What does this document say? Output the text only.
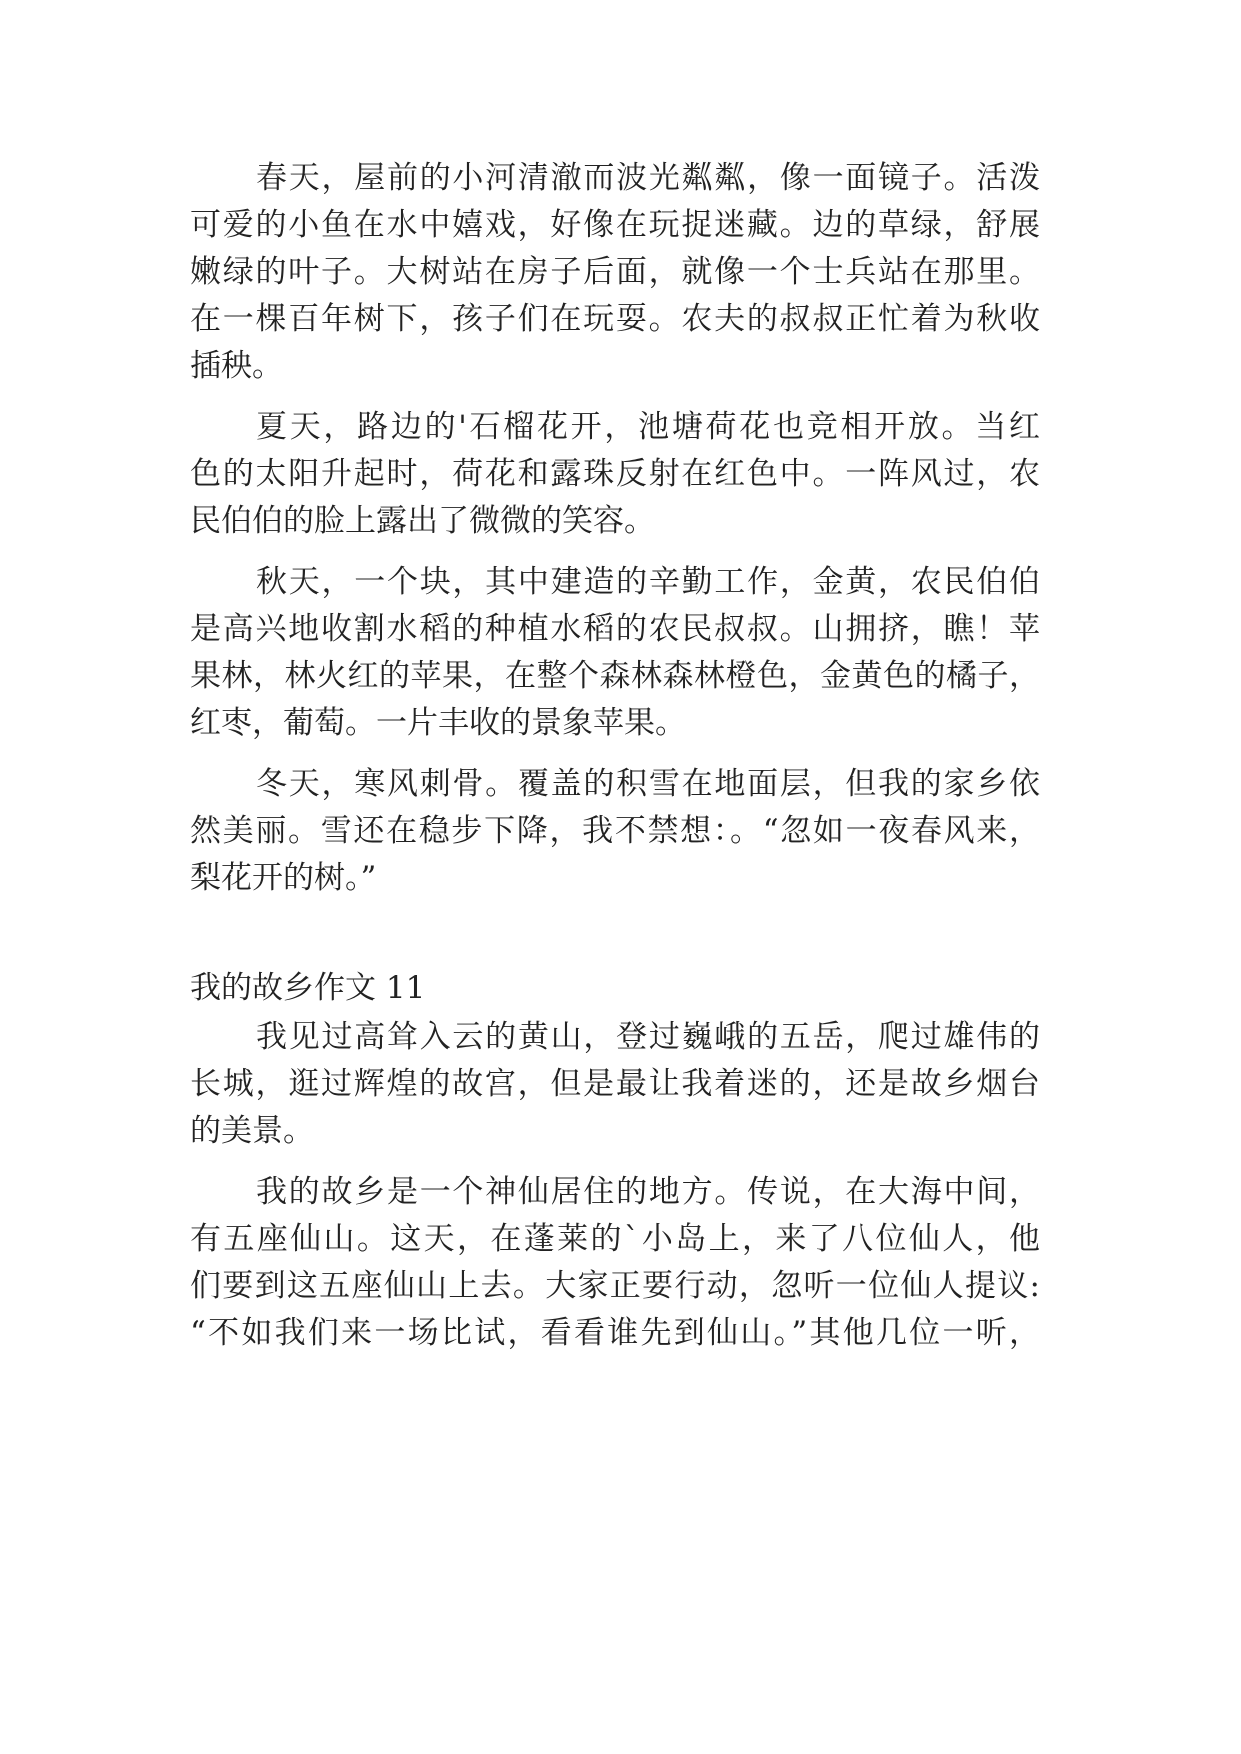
春天，屋前的小河清澈而波光粼粼，像一面镜子。活泼
可爱的小鱼在水中嬉戏，好像在玩捉迷藏。边的草绿，舒展
嫩绿的叶子。大树站在房子后面，就像一个士兵站在那里。
在一棵百年树下，孩子们在玩耍。农夫的叔叔正忙着为秋收
插秧。
夏天，路边的'石榴花开，池塘荷花也竞相开放。当红
色的太阳升起时，荷花和露珠反射在红色中。一阵风过，农
民伯伯的脸上露出了微微的笑容。
秋天，一个块，其中建造的辛勤工作，金黄，农民伯伯
是高兴地收割水稻的种植水稻的农民叔叔。山拥挤，瞧！苹
果林，林火红的苹果，在整个森林森林橙色，金黄色的橘子，
红枣，葡萄。一片丰收的景象苹果。
冬天，寒风刺骨。覆盖的积雪在地面层，但我的家乡依
然美丽。雪还在稳步下降，我不禁想：。“忽如一夜春风来，
梨花开的树。”
我的故乡作文 11
我见过高耸入云的黄山，登过巍峨的五岳，爬过雄伟的
长城，逛过辉煌的故宫，但是最让我着迷的，还是故乡烟台
的美景。
我的故乡是一个神仙居住的地方。传说，在大海中间，
有五座仙山。这天，在蓬莱的`小岛上，来了八位仙人，他
们要到这五座仙山上去。大家正要行动，忽听一位仙人提议:
“不如我们来一场比试，看看谁先到仙山。”其他几位一听，
